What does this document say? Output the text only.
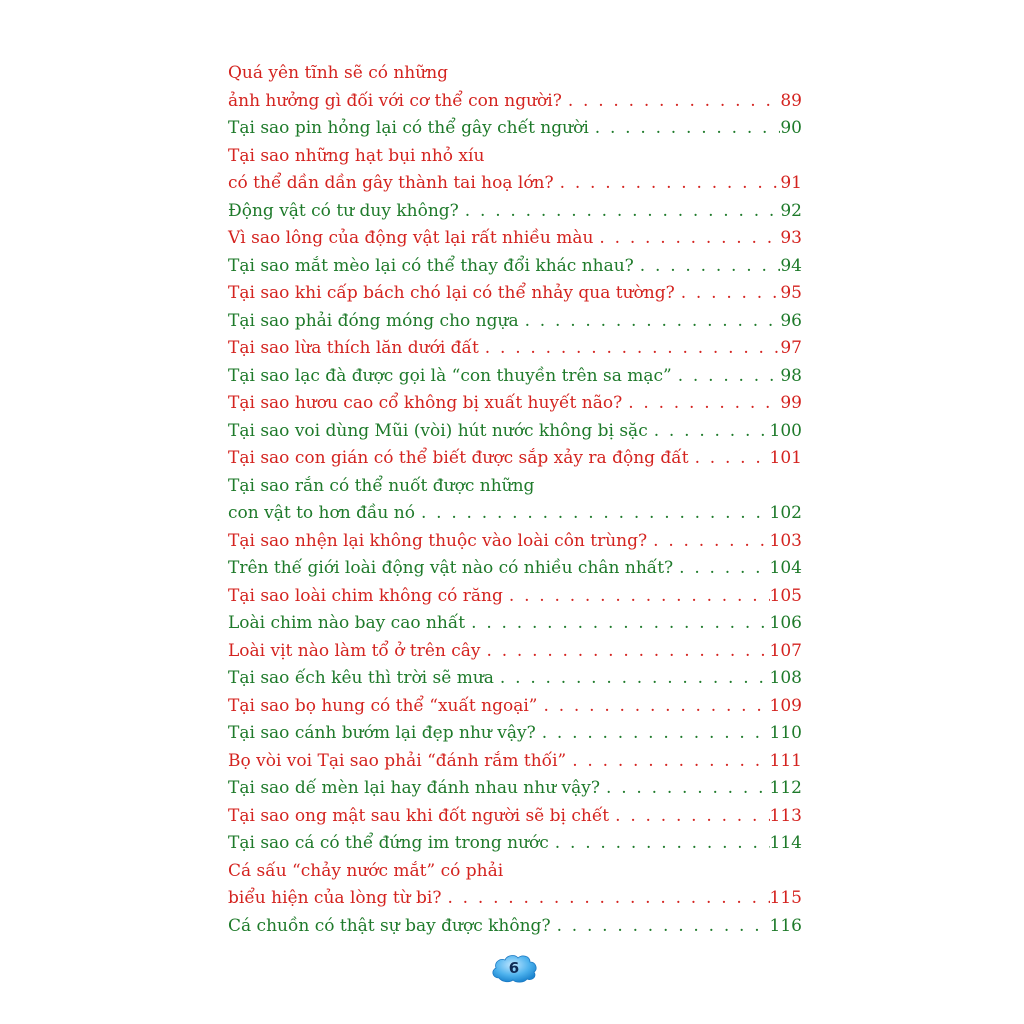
Quá yên tĩnh sẽ có những
ảnh hưởng gì đối với cơ thể con người? . . .	89
Tại sao pin hỏng lại có thể gây chết người . . .	90
Tại sao những hạt bụi nhỏ xíu
có thể dần dần gây thành tai hoạ lớn? . . .	91
Động vật có tư duy không? . . .	92
Vì sao lông của động vật lại rất nhiều màu . . .	93
Tại sao mắt mèo lại có thể thay đổi khác nhau? . . .	94
Tại sao khi cấp bách chó lại có thể nhảy qua tường? . . .	95
Tại sao phải đóng móng cho ngựa . . .	96
Tại sao lừa thích lăn dưới đất . . .	97
Tại sao lạc đà được gọi là “con thuyền trên sa mạc” . . .	98
Tại sao hươu cao cổ không bị xuất huyết não? . . .	99
Tại sao voi dùng Mũi (vòi) hút nước không bị sặc . . .	100
Tại sao con gián có thể biết được sắp xảy ra động đất . . .	101
Tại sao rắn có thể nuốt được những
con vật to hơn đầu nó . . .	102
Tại sao nhện lại không thuộc vào loài côn trùng? . . .	103
Trên thế giới loài động vật nào có nhiều chân nhất? . . .	104
Tại sao loài chim không có răng . . .	105
Loài chim nào bay cao nhất . . .	106
Loài vịt nào làm tổ ở trên cây . . .	107
Tại sao ếch kêu thì trời sẽ mưa . . .	108
Tại sao bọ hung có thể “xuất ngoại” . . .	109
Tại sao cánh bướm lại đẹp như vậy? . . .	110
Bọ vòi voi Tại sao phải “đánh rắm thối” . . .	111
Tại sao dế mèn lại hay đánh nhau như vậy? . . .	112
Tại sao ong mật sau khi đốt người sẽ bị chết . . .	113
Tại sao cá có thể đứng im trong nước . . .	114
Cá sấu “chảy nước mắt” có phải
biểu hiện của lòng từ bi? . . .	115
Cá chuồn có thật sự bay được không? . . .	116
6
